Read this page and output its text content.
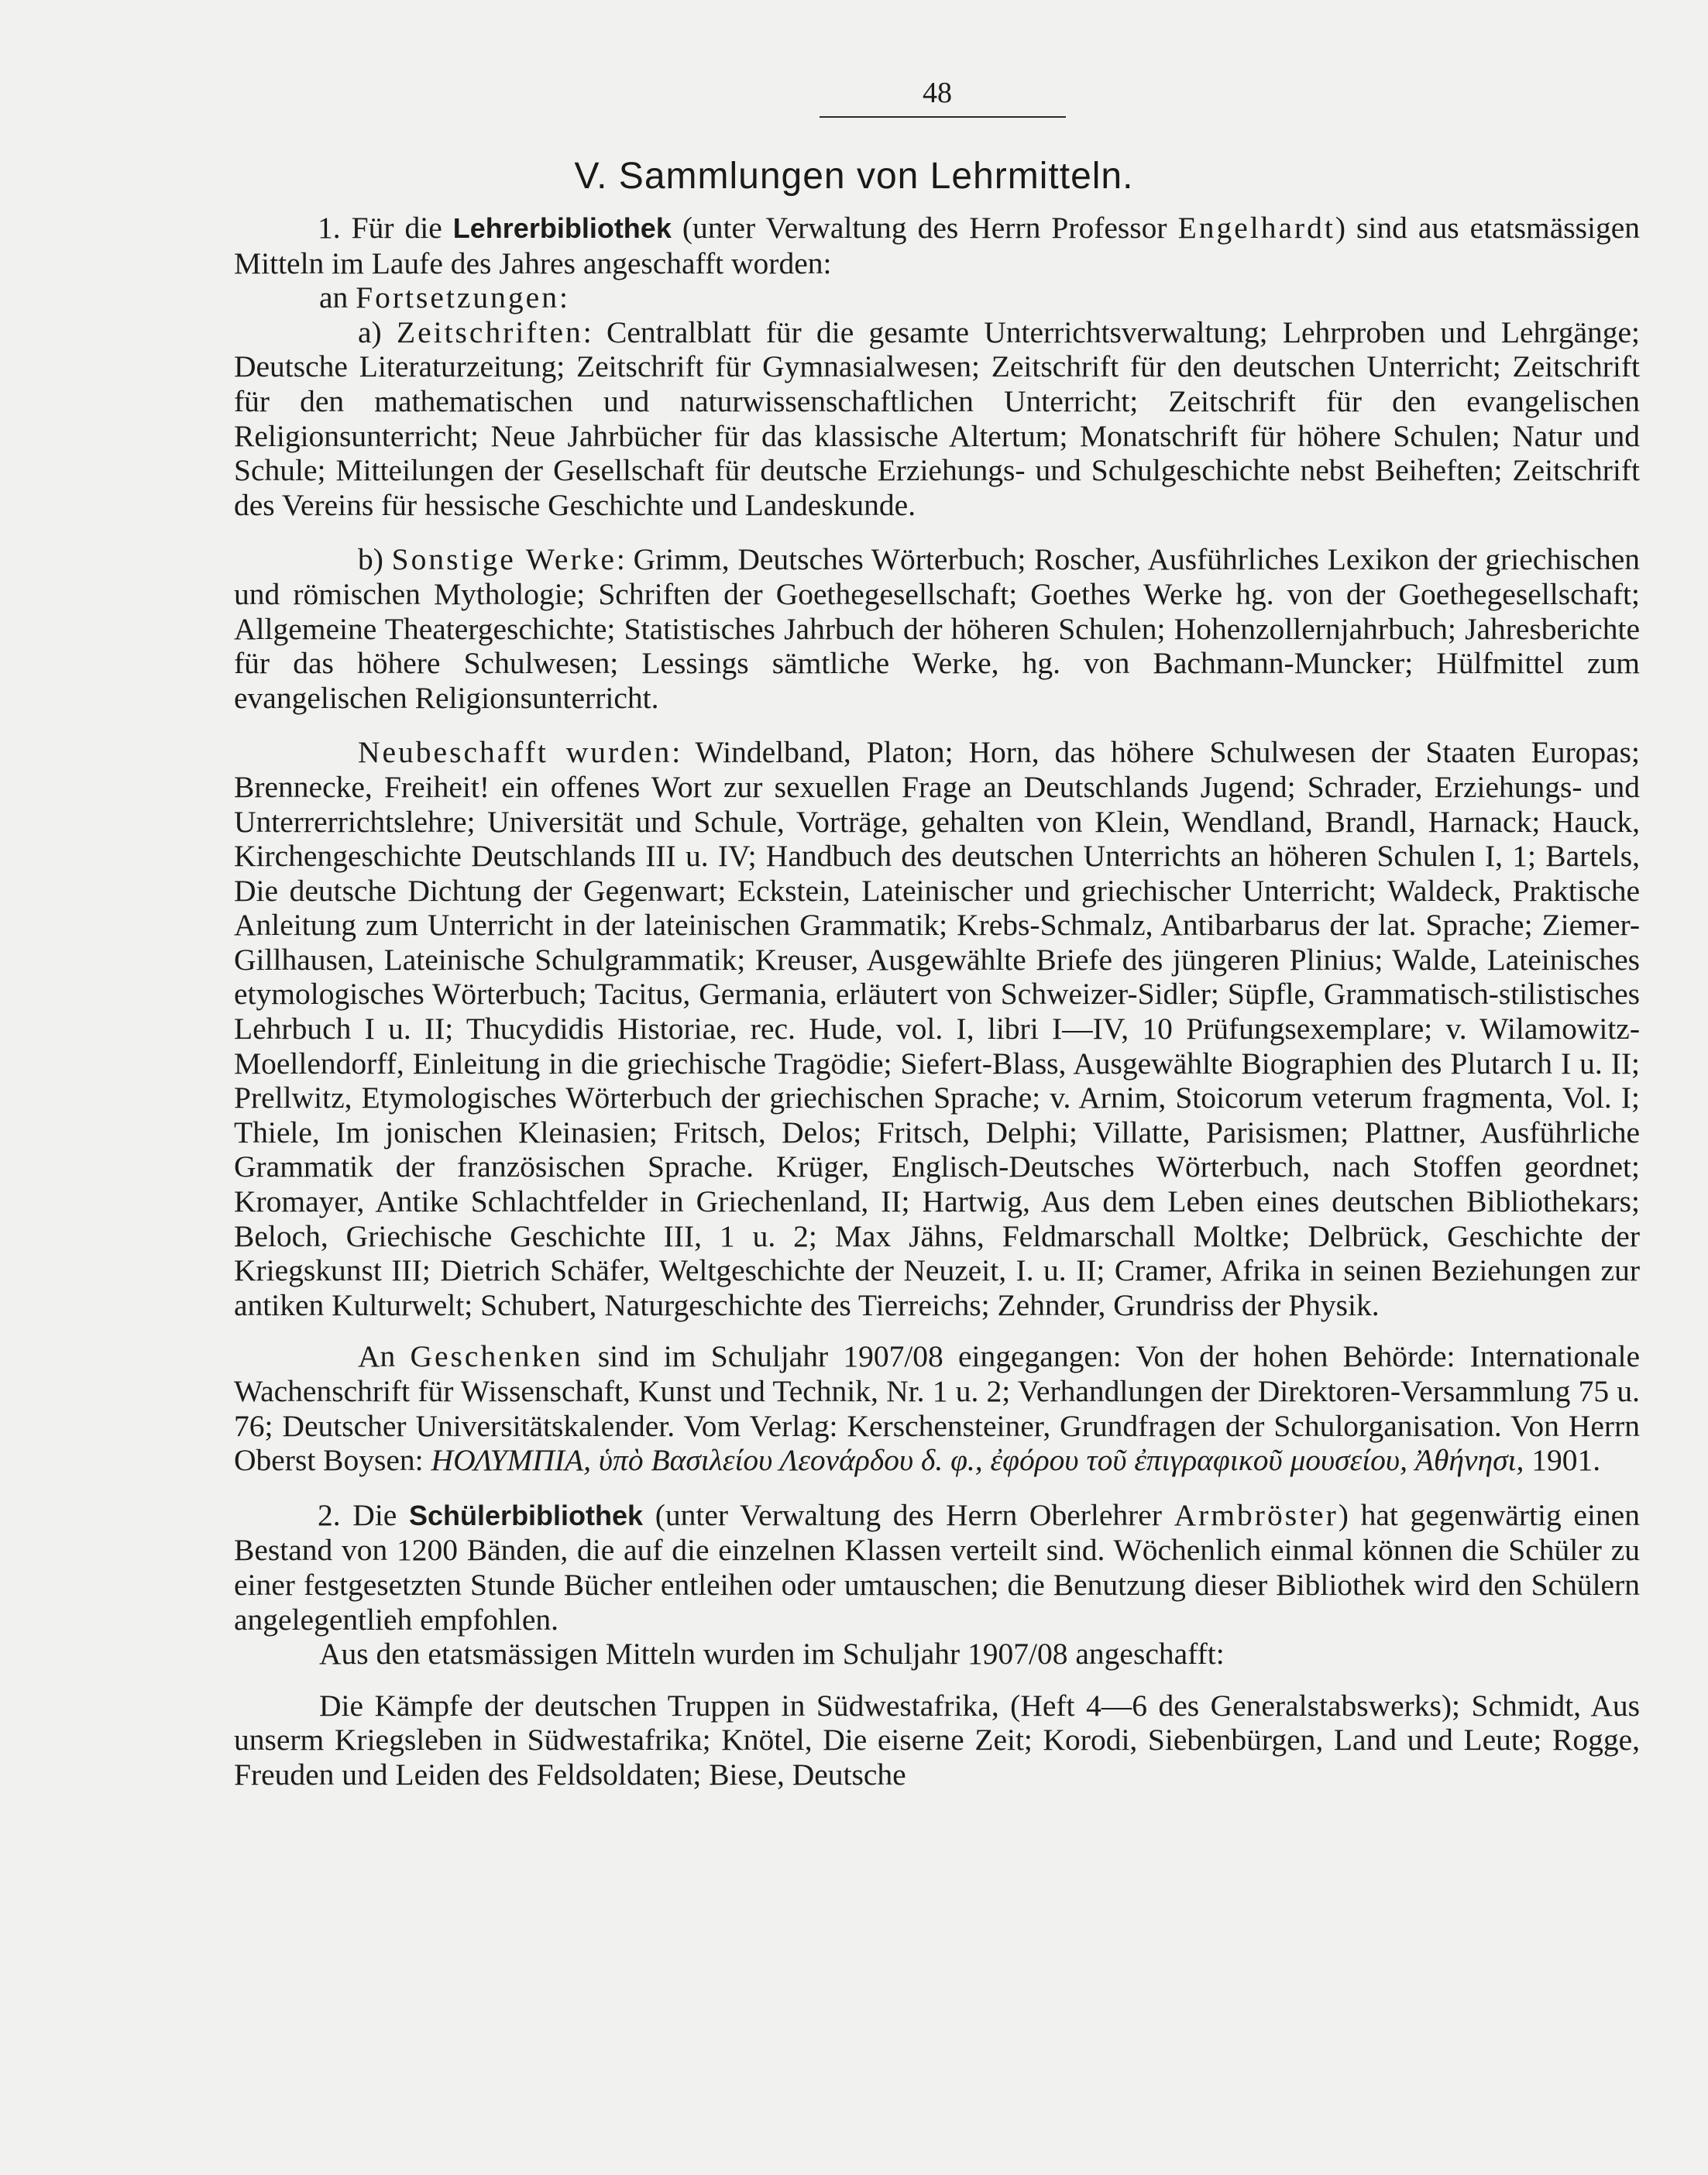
48
V. Sammlungen von Lehrmitteln.

1. Für die Lehrerbibliothek (unter Verwaltung des Herrn Professor Engelhardt) sind aus etatsmässigen Mitteln im Laufe des Jahres angeschafft worden:

an Fortsetzungen:

a) Zeitschriften: Centralblatt für die gesamte Unterrichtsverwaltung; Lehrproben und Lehrgänge; Deutsche Literaturzeitung; Zeitschrift für Gymnasialwesen; Zeitschrift für den deutschen Unterricht; Zeitschrift für den mathematischen und naturwissenschaftlichen Unterricht; Zeitschrift für den evangelischen Religionsunterricht; Neue Jahrbücher für das klassische Altertum; Monatschrift für höhere Schulen; Natur und Schule; Mitteilungen der Gesellschaft für deutsche Erziehungs- und Schulgeschichte nebst Beiheften; Zeitschrift des Vereins für hessische Geschichte und Landeskunde.

b) Sonstige Werke: Grimm, Deutsches Wörterbuch; Roscher, Ausführliches Lexikon der griechischen und römischen Mythologie; Schriften der Goethegesellschaft; Goethes Werke hg. von der Goethegesellschaft; Allgemeine Theatergeschichte; Statistisches Jahrbuch der höheren Schulen; Hohenzollernjahrbuch; Jahresberichte für das höhere Schulwesen; Lessings sämtliche Werke, hg. von Bachmann-Muncker; Hülfmittel zum evangelischen Religionsunterricht.

Neubeschafft wurden: Windelband, Platon; Horn, das höhere Schulwesen der Staaten Europas; Brennecke, Freiheit! ein offenes Wort zur sexuellen Frage an Deutschlands Jugend; Schrader, Erziehungs- und Unterrerrichtslehre; Universität und Schule, Vorträge, gehalten von Klein, Wendland, Brandl, Harnack; Hauck, Kirchengeschichte Deutschlands III u. IV; Handbuch des deutschen Unterrichts an höheren Schulen I, 1; Bartels, Die deutsche Dichtung der Gegenwart; Eckstein, Lateinischer und griechischer Unterricht; Waldeck, Praktische Anleitung zum Unterricht in der lateinischen Grammatik; Krebs-Schmalz, Antibarbarus der lat. Sprache; Ziemer-Gillhausen, Lateinische Schulgrammatik; Kreuser, Ausgewählte Briefe des jüngeren Plinius; Walde, Lateinisches etymologisches Wörterbuch; Tacitus, Germania, erläutert von Schweizer-Sidler; Süpfle, Grammatisch-stilistisches Lehrbuch I u. II; Thucydidis Historiae, rec. Hude, vol. I, libri I—IV, 10 Prüfungsexemplare; v. Wilamowitz-Moellendorff, Einleitung in die griechische Tragödie; Siefert-Blass, Ausgewählte Biographien des Plutarch I u. II; Prellwitz, Etymologisches Wörterbuch der griechischen Sprache; v. Arnim, Stoicorum veterum fragmenta, Vol. I; Thiele, Im jonischen Kleinasien; Fritsch, Delos; Fritsch, Delphi; Villatte, Parisismen; Plattner, Ausführliche Grammatik der französischen Sprache. Krüger, Englisch-Deutsches Wörterbuch, nach Stoffen geordnet; Kromayer, Antike Schlachtfelder in Griechenland, II; Hartwig, Aus dem Leben eines deutschen Bibliothekars; Beloch, Griechische Geschichte III, 1 u. 2; Max Jähns, Feldmarschall Moltke; Delbrück, Geschichte der Kriegskunst III; Dietrich Schäfer, Weltgeschichte der Neuzeit, I. u. II; Cramer, Afrika in seinen Beziehungen zur antiken Kulturwelt; Schubert, Naturgeschichte des Tierreichs; Zehnder, Grundriss der Physik.

An Geschenken sind im Schuljahr 1907/08 eingegangen: Von der hohen Behörde: Internationale Wachenschrift für Wissenschaft, Kunst und Technik, Nr. 1 u. 2; Verhandlungen der Direktoren-Versammlung 75 u. 76; Deutscher Universitätskalender. Vom Verlag: Kerschensteiner, Grundfragen der Schulorganisation. Von Herrn Oberst Boysen: ΗΟΛΥΜΠΙΑ, ὑπὸ Βασιλείου Λεονάρδου δ. φ., ἐφόρου τοῦ ἐπιγραφικοῦ μουσείου, Ἀθήνησι, 1901.

2. Die Schülerbibliothek (unter Verwaltung des Herrn Oberlehrer Armbröster) hat gegenwärtig einen Bestand von 1200 Bänden, die auf die einzelnen Klassen verteilt sind. Wöchenlich einmal können die Schüler zu einer festgesetzten Stunde Bücher entleihen oder umtauschen; die Benutzung dieser Bibliothek wird den Schülern angelegentlieh empfohlen.

Aus den etatsmässigen Mitteln wurden im Schuljahr 1907/08 angeschafft:

Die Kämpfe der deutschen Truppen in Südwestafrika, (Heft 4—6 des Generalstabswerks); Schmidt, Aus unserm Kriegsleben in Südwestafrika; Knötel, Die eiserne Zeit; Korodi, Siebenbürgen, Land und Leute; Rogge, Freuden und Leiden des Feldsoldaten; Biese, Deutsche
